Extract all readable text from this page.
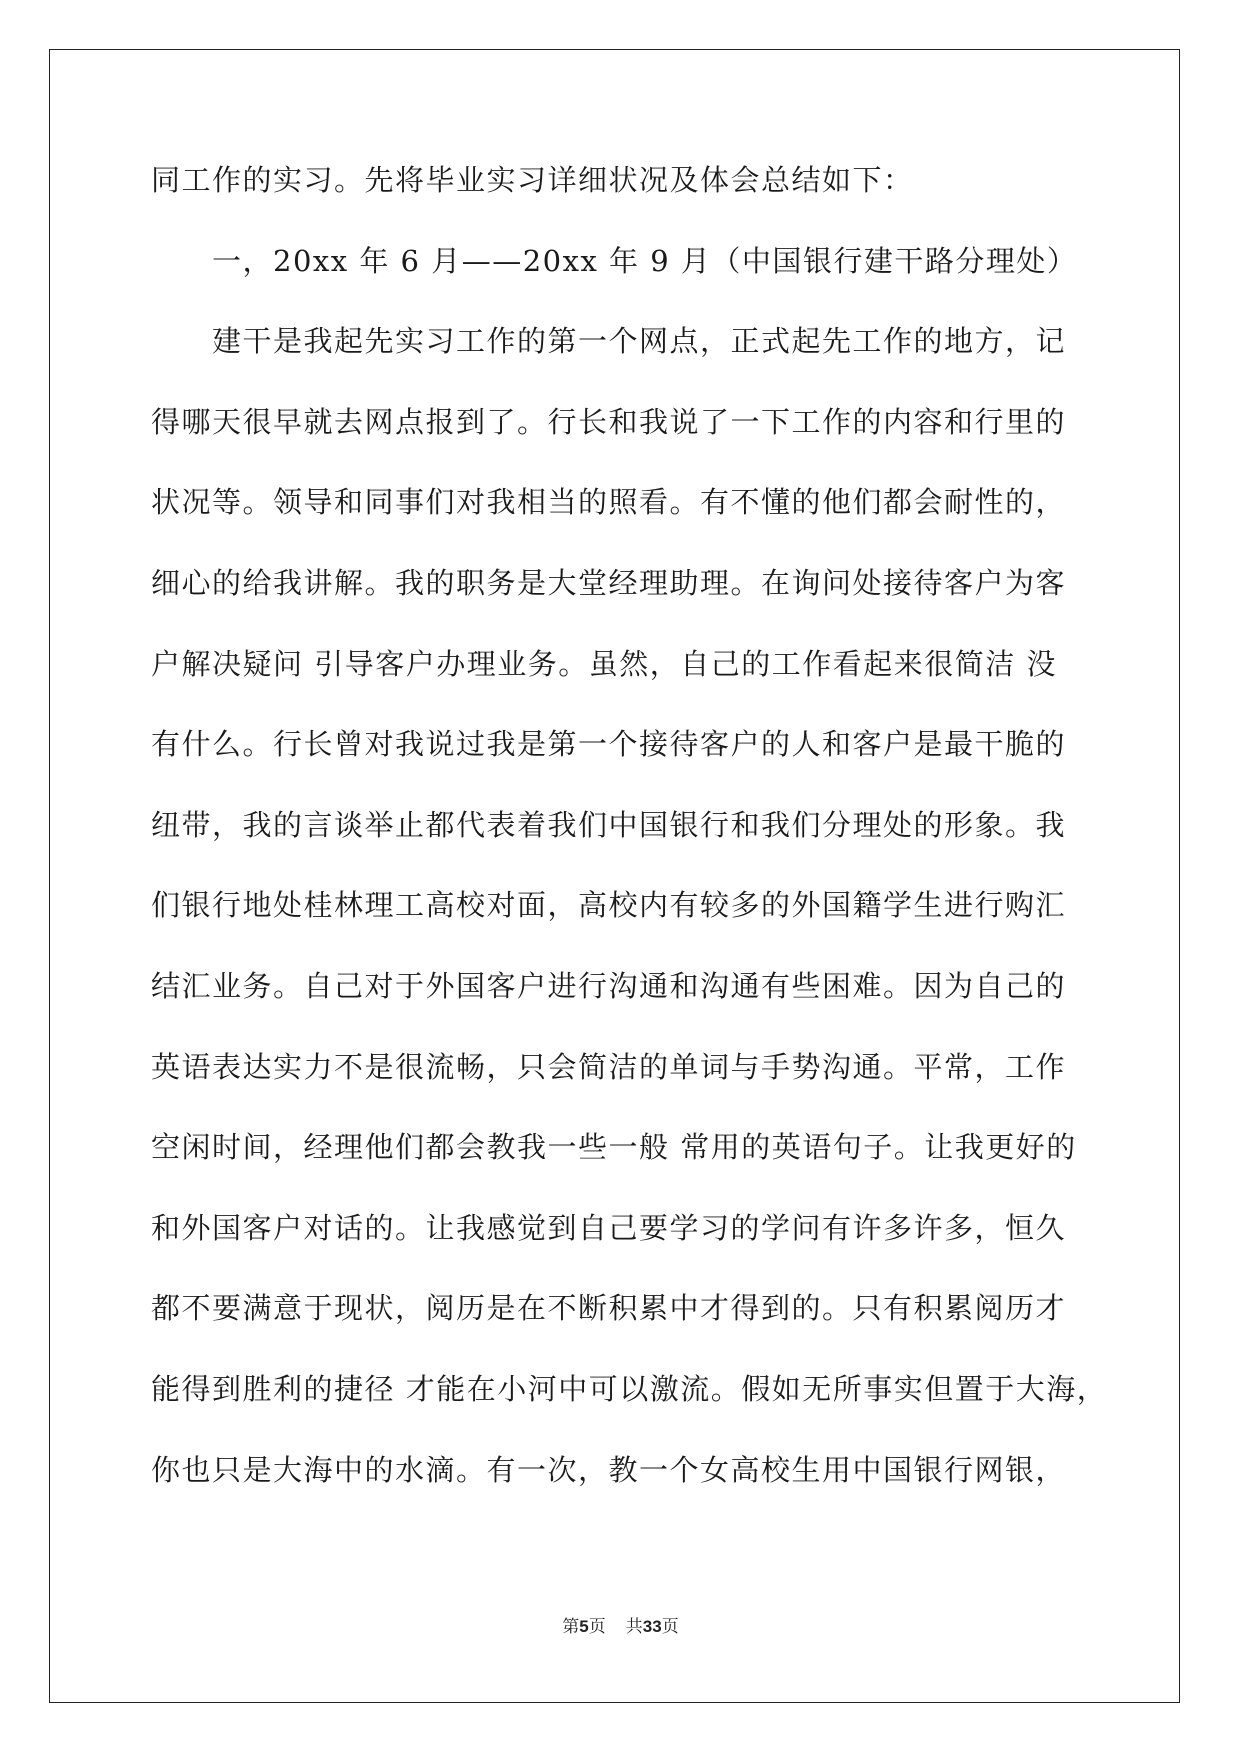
同工作的实习。先将毕业实习详细状况及体会总结如下：
　　一，20xx 年 6 月——20xx 年 9 月（中国银行建干路分理处）
　　建干是我起先实习工作的第一个网点，正式起先工作的地方，记
得哪天很早就去网点报到了。行长和我说了一下工作的内容和行里的
状况等。领导和同事们对我相当的照看。有不懂的他们都会耐性的，
细心的给我讲解。我的职务是大堂经理助理。在询问处接待客户为客
户解决疑问 引导客户办理业务。虽然，自己的工作看起来很简洁 没
有什么。行长曾对我说过我是第一个接待客户的人和客户是最干脆的
纽带，我的言谈举止都代表着我们中国银行和我们分理处的形象。我
们银行地处桂林理工高校对面，高校内有较多的外国籍学生进行购汇
结汇业务。自己对于外国客户进行沟通和沟通有些困难。因为自己的
英语表达实力不是很流畅，只会简洁的单词与手势沟通。平常，工作
空闲时间，经理他们都会教我一些一般 常用的英语句子。让我更好的
和外国客户对话的。让我感觉到自己要学习的学问有许多许多，恒久
都不要满意于现状，阅历是在不断积累中才得到的。只有积累阅历才
能得到胜利的捷径 才能在小河中可以激流。假如无所事实但置于大海，
你也只是大海中的水滴。有一次，教一个女高校生用中国银行网银，
第5页 共33页
